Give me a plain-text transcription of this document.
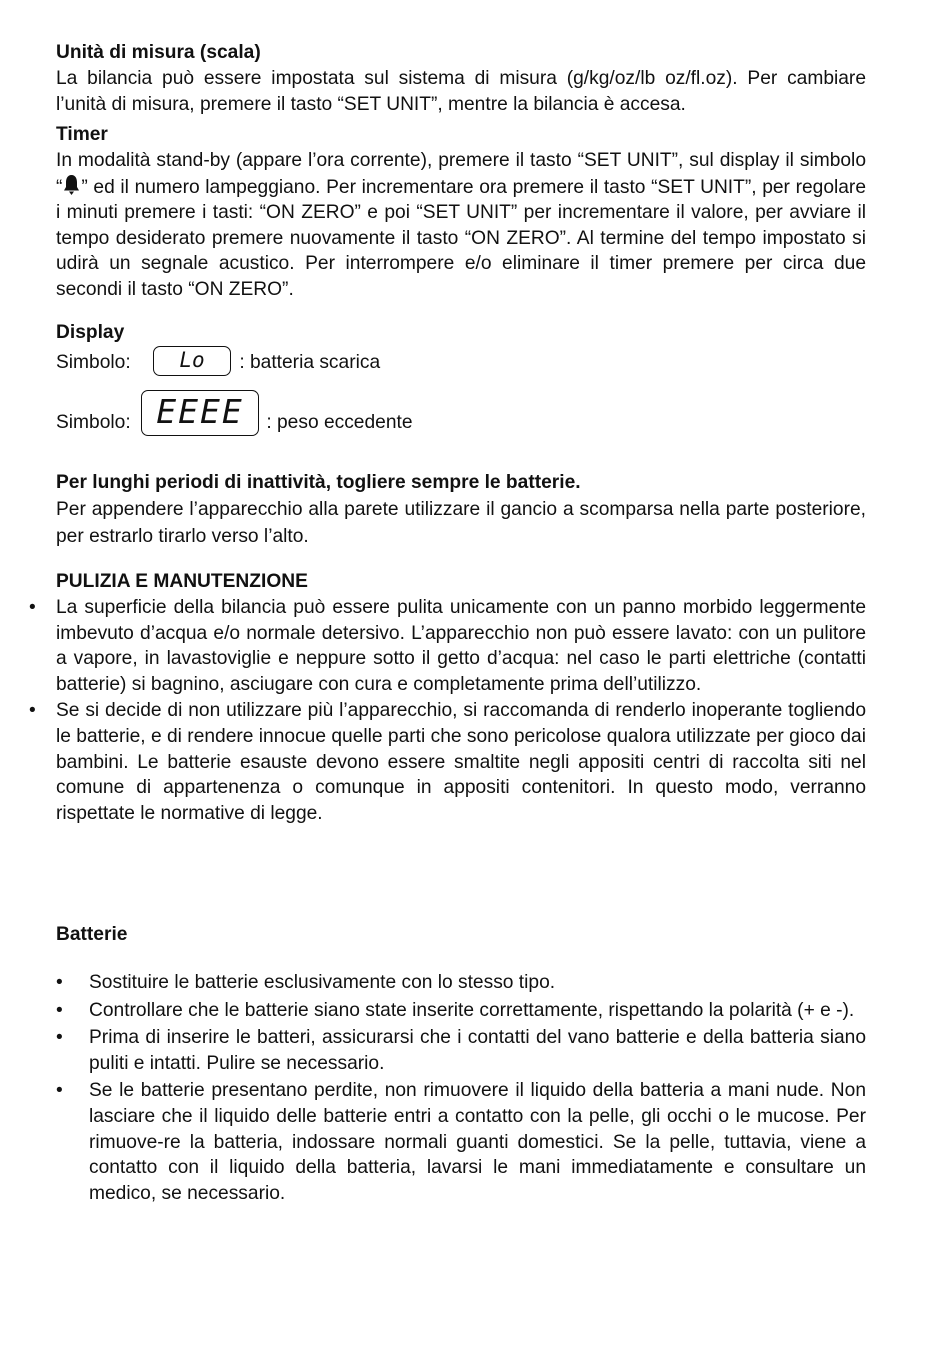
Unità di misura (scala)
La bilancia può essere impostata sul sistema di misura (g/kg/oz/lb oz/fl.oz). Per cambiare l’unità di misura, premere il tasto “SET UNIT”, mentre la bilancia è accesa.
Timer
In modalità stand-by (appare l’ora corrente), premere il tasto “SET UNIT”, sul display il simbolo “ ” ed il numero lampeggiano. Per incrementare ora premere il tasto “SET UNIT”, per regolare i minuti premere i tasti: “ON ZERO” e poi “SET UNIT” per incrementare il valore, per avviare il tempo desiderato premere nuovamente il tasto “ON ZERO”. Al termine del tempo impostato si udirà un segnale acustico. Per interrompere e/o eliminare il timer premere per circa due secondi il tasto “ON ZERO”.
Display
Simbolo: Lo : batteria scarica
Simbolo: EEEE : peso eccedente
Per lunghi periodi di inattività, togliere sempre le batterie.
Per appendere l’apparecchio alla parete utilizzare il gancio a scomparsa nella parte posteriore, per estrarlo tirarlo verso l’alto.
PULIZIA E MANUTENZIONE
• La superficie della bilancia può essere pulita unicamente con un panno morbido leggermente imbevuto d’acqua e/o normale detersivo. L’apparecchio non può essere lavato: con un pulitore a vapore, in lavastoviglie e neppure sotto il getto d’acqua: nel caso le parti elettriche (contatti batterie) si bagnino, asciugare con cura e completamente prima dell’utilizzo.
• Se si decide di non utilizzare più l’apparecchio, si raccomanda di renderlo inoperante togliendo le batterie, e di rendere innocue quelle parti che sono pericolose qualora utilizzate per gioco dai bambini. Le batterie esauste devono essere smaltite negli appositi centri di raccolta siti nel comune di appartenenza o comunque in appositi contenitori. In questo modo, verranno rispettate le normative di legge.
Batterie
• Sostituire le batterie esclusivamente con lo stesso tipo.
• Controllare che le batterie siano state inserite correttamente, rispettando la polarità (+ e -).
• Prima di inserire le batteri, assicurarsi che i contatti del vano batterie e della batteria siano puliti e intatti. Pulire se necessario.
• Se le batterie presentano perdite, non rimuovere il liquido della batteria a mani nude. Non lasciare che il liquido delle batterie entri a contatto con la pelle, gli occhi o le mucose. Per rimuove-re la batteria, indossare normali guanti domestici. Se la pelle, tuttavia, viene a contatto con il liquido della batteria, lavarsi le mani immediatamente e consultare un medico, se necessario.
